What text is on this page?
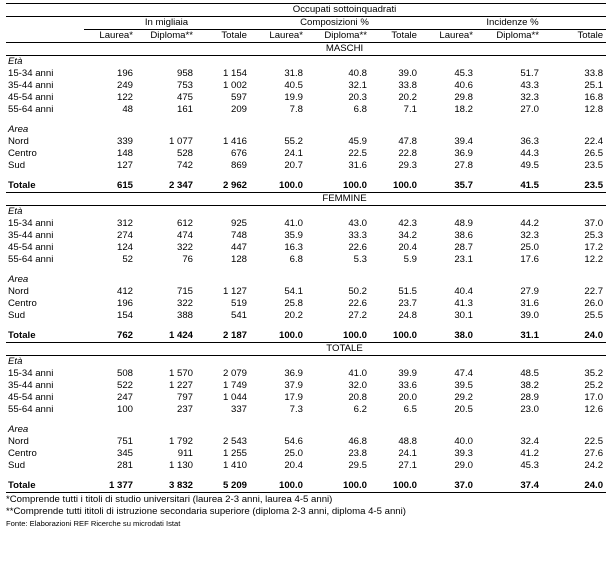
	Occupati sottoinquadrati								
	In migliaia			Composizioni %			Incidenze %		
	Laurea*	Diploma**	Totale	Laurea*	Diploma**	Totale	Laurea*	Diploma**	Totale
	MASCHI								
Età									
15-34 anni	196	958	1 154	31.8	40.8	39.0	45.3	51.7	33.8
35-44 anni	249	753	1 002	40.5	32.1	33.8	40.6	43.3	25.1
45-54 anni	122	475	597	19.9	20.3	20.2	29.8	32.3	16.8
55-64 anni	48	161	209	7.8	6.8	7.1	18.2	27.0	12.8

Area									
Nord	339	1 077	1 416	55.2	45.9	47.8	39.4	36.3	22.4
Centro	148	528	676	24.1	22.5	22.8	36.9	44.3	26.5
Sud	127	742	869	20.7	31.6	29.3	27.8	49.5	23.5

Totale	615	2 347	2 962	100.0	100.0	100.0	35.7	41.5	23.5
	FEMMINE								
Età									
15-34 anni	312	612	925	41.0	43.0	42.3	48.9	44.2	37.0
35-44 anni	274	474	748	35.9	33.3	34.2	38.6	32.3	25.3
45-54 anni	124	322	447	16.3	22.6	20.4	28.7	25.0	17.2
55-64 anni	52	76	128	6.8	5.3	5.9	23.1	17.6	12.2

Area									
Nord	412	715	1 127	54.1	50.2	51.5	40.4	27.9	22.7
Centro	196	322	519	25.8	22.6	23.7	41.3	31.6	26.0
Sud	154	388	541	20.2	27.2	24.8	30.1	39.0	25.5

Totale	762	1 424	2 187	100.0	100.0	100.0	38.0	31.1	24.0
	TOTALE								
Età									
15-34 anni	508	1 570	2 079	36.9	41.0	39.9	47.4	48.5	35.2
35-44 anni	522	1 227	1 749	37.9	32.0	33.6	39.5	38.2	25.2
45-54 anni	247	797	1 044	17.9	20.8	20.0	29.2	28.9	17.0
55-64 anni	100	237	337	7.3	6.2	6.5	20.5	23.0	12.6

Area									
Nord	751	1 792	2 543	54.6	46.8	48.8	40.0	32.4	22.5
Centro	345	911	1 255	25.0	23.8	24.1	39.3	41.2	27.6
Sud	281	1 130	1 410	20.4	29.5	27.1	29.0	45.3	24.2

Totale	1 377	3 832	5 209	100.0	100.0	100.0	37.0	37.4	24.0
*Comprende tutti i titoli di studio universitari (laurea 2-3 anni, laurea 4-5 anni)
**Comprende tutti ititoli di istruzione secondaria superiore (diploma 2-3 anni, diploma 4-5 anni)
Fonte: Elaborazioni REF Ricerche su microdati Istat
